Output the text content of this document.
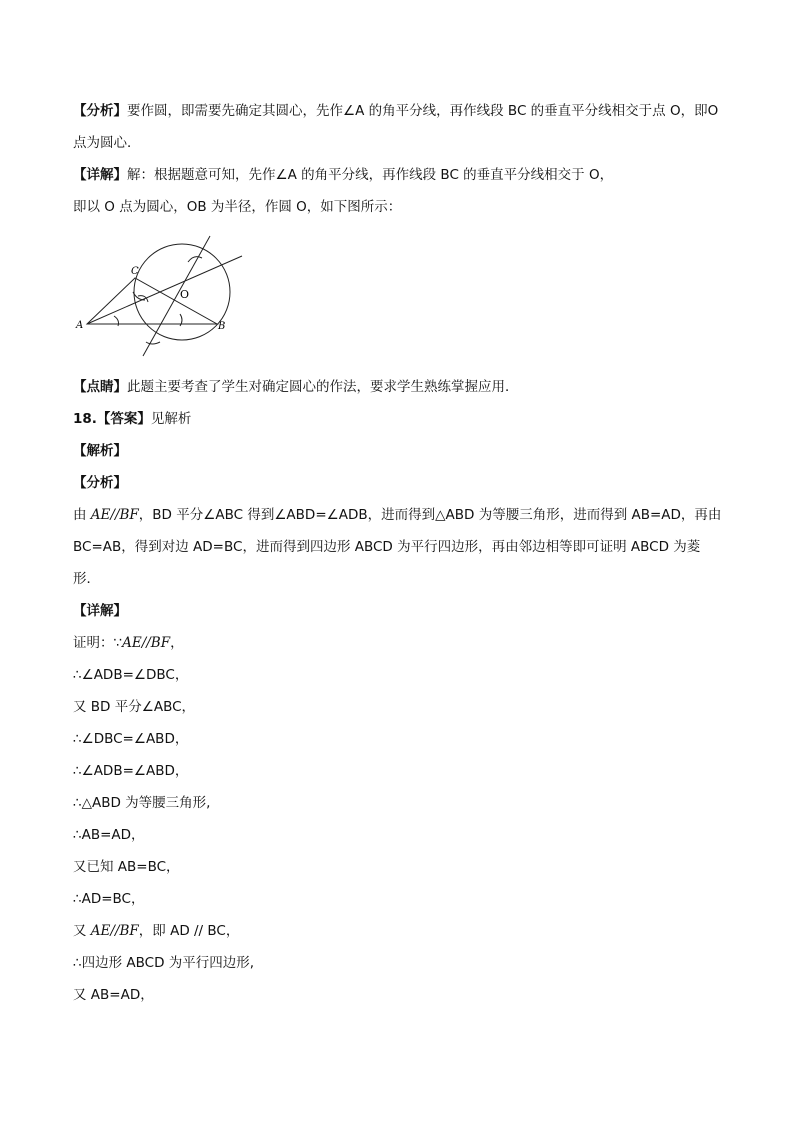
【分析】要作圆，即需要先确定其圆心，先作∠A 的角平分线，再作线段 BC 的垂直平分线相交于点 O，即O
点为圆心．
【详解】解：根据题意可知，先作∠A 的角平分线，再作线段 BC 的垂直平分线相交于 O，
即以 O 点为圆心，OB 为半径，作圆 O，如下图所示：
A	B
C
O
【点睛】此题主要考查了学生对确定圆心的作法，要求学生熟练掌握应用．
18.【答案】见解析
【解析】
【分析】
由 AE//BF，BD 平分∠ABC 得到∠ABD=∠ADB，进而得到△ABD 为等腰三角形，进而得到 AB=AD，再由
BC=AB，得到对边 AD=BC，进而得到四边形 ABCD 为平行四边形，再由邻边相等即可证明 ABCD 为菱
形．
【详解】
证明：∵AE//BF，
∴∠ADB=∠DBC，
又 BD 平分∠ABC，
∴∠DBC=∠ABD，
∴∠ADB=∠ABD，
∴△ABD 为等腰三角形,
∴AB=AD，
又已知 AB=BC，
∴AD=BC，
又 AE//BF，即 AD // BC，
∴四边形 ABCD 为平行四边形,
又 AB=AD，
